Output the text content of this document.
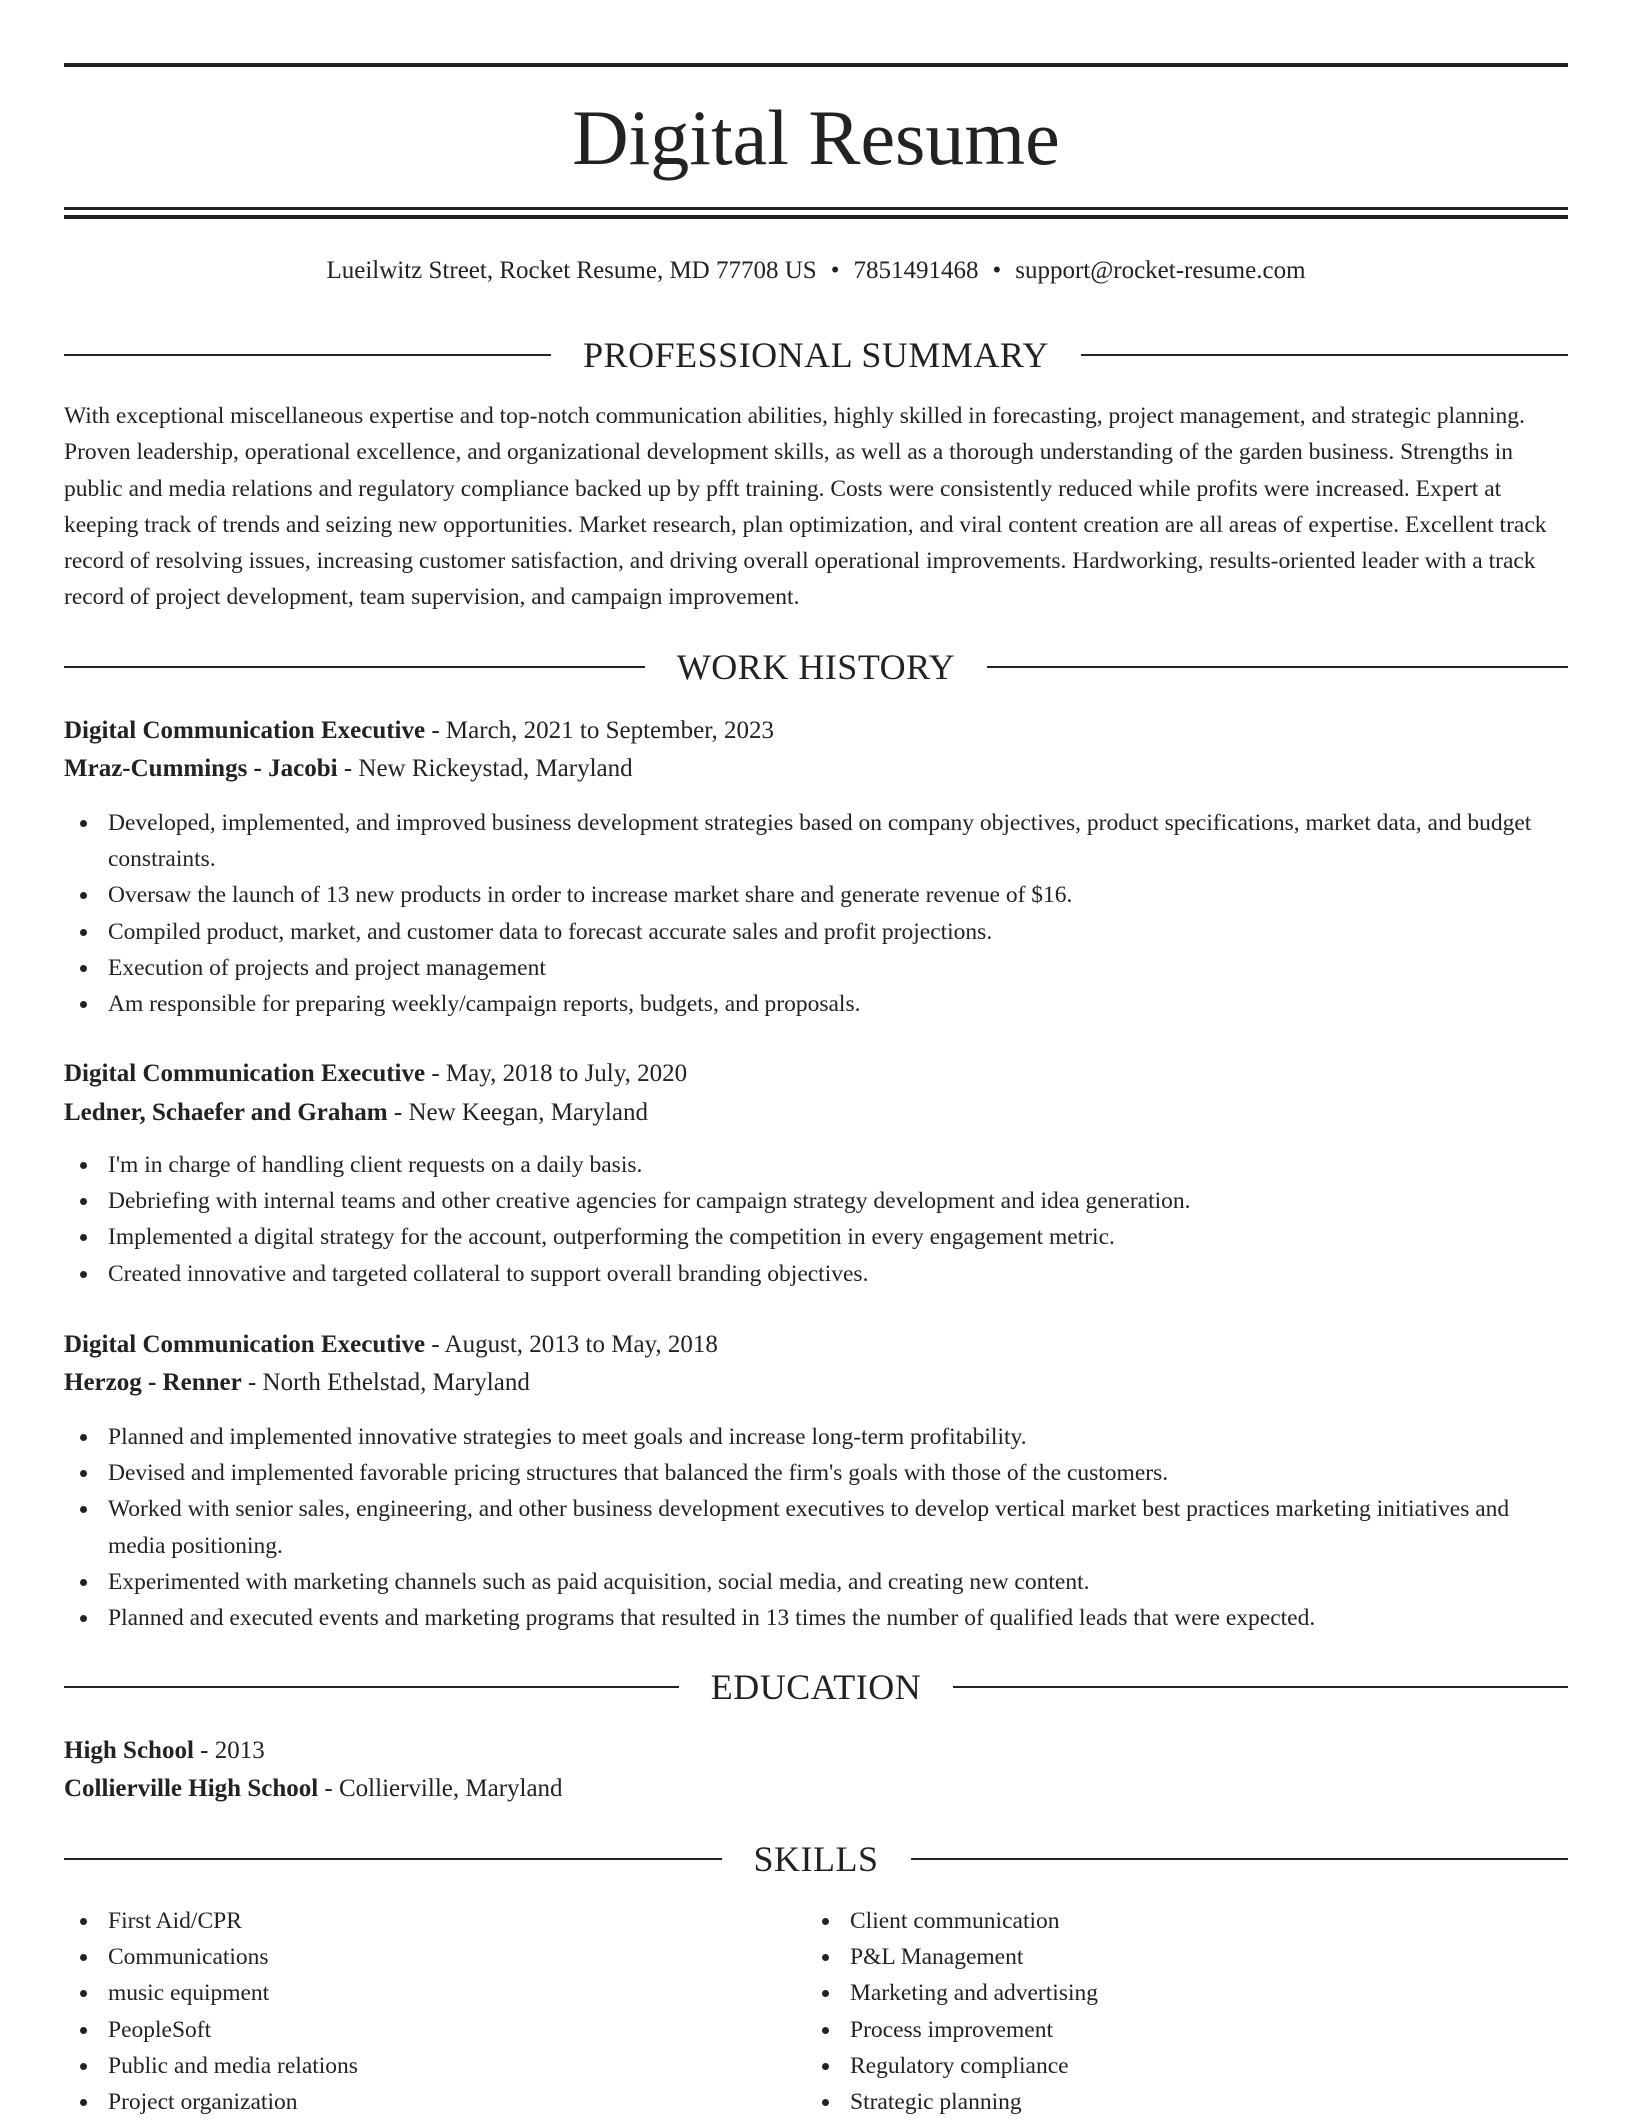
Digital Resume
Lueilwitz Street, Rocket Resume, MD 77708 US • 7851491468 • support@rocket-resume.com
PROFESSIONAL SUMMARY

With exceptional miscellaneous expertise and top-notch communication abilities, highly skilled in forecasting, project management, and strategic planning. Proven leadership, operational excellence, and organizational development skills, as well as a thorough understanding of the garden business. Strengths in public and media relations and regulatory compliance backed up by pfft training. Costs were consistently reduced while profits were increased. Expert at keeping track of trends and seizing new opportunities. Market research, plan optimization, and viral content creation are all areas of expertise. Excellent track record of resolving issues, increasing customer satisfaction, and driving overall operational improvements. Hardworking, results-oriented leader with a track record of project development, team supervision, and campaign improvement.

WORK HISTORY
Digital Communication Executive - March, 2021 to September, 2023
Mraz-Cummings - Jacobi - New Rickeystad, Maryland
Developed, implemented, and improved business development strategies based on company objectives, product specifications, market data, and budget constraints.
Oversaw the launch of 13 new products in order to increase market share and generate revenue of $16.
Compiled product, market, and customer data to forecast accurate sales and profit projections.
Execution of projects and project management
Am responsible for preparing weekly/campaign reports, budgets, and proposals.
Digital Communication Executive - May, 2018 to July, 2020
Ledner, Schaefer and Graham - New Keegan, Maryland
I'm in charge of handling client requests on a daily basis.
Debriefing with internal teams and other creative agencies for campaign strategy development and idea generation.
Implemented a digital strategy for the account, outperforming the competition in every engagement metric.
Created innovative and targeted collateral to support overall branding objectives.
Digital Communication Executive - August, 2013 to May, 2018
Herzog - Renner - North Ethelstad, Maryland
Planned and implemented innovative strategies to meet goals and increase long-term profitability.
Devised and implemented favorable pricing structures that balanced the firm's goals with those of the customers.
Worked with senior sales, engineering, and other business development executives to develop vertical market best practices marketing initiatives and media positioning.
Experimented with marketing channels such as paid acquisition, social media, and creating new content.
Planned and executed events and marketing programs that resulted in 13 times the number of qualified leads that were expected.
EDUCATION
High School - 2013
Collierville High School - Collierville, Maryland
SKILLS
First Aid/CPR
Communications
music equipment
PeopleSoft
Public and media relations
Project organization
Client communication
P&L Management
Marketing and advertising
Process improvement
Regulatory compliance
Strategic planning
